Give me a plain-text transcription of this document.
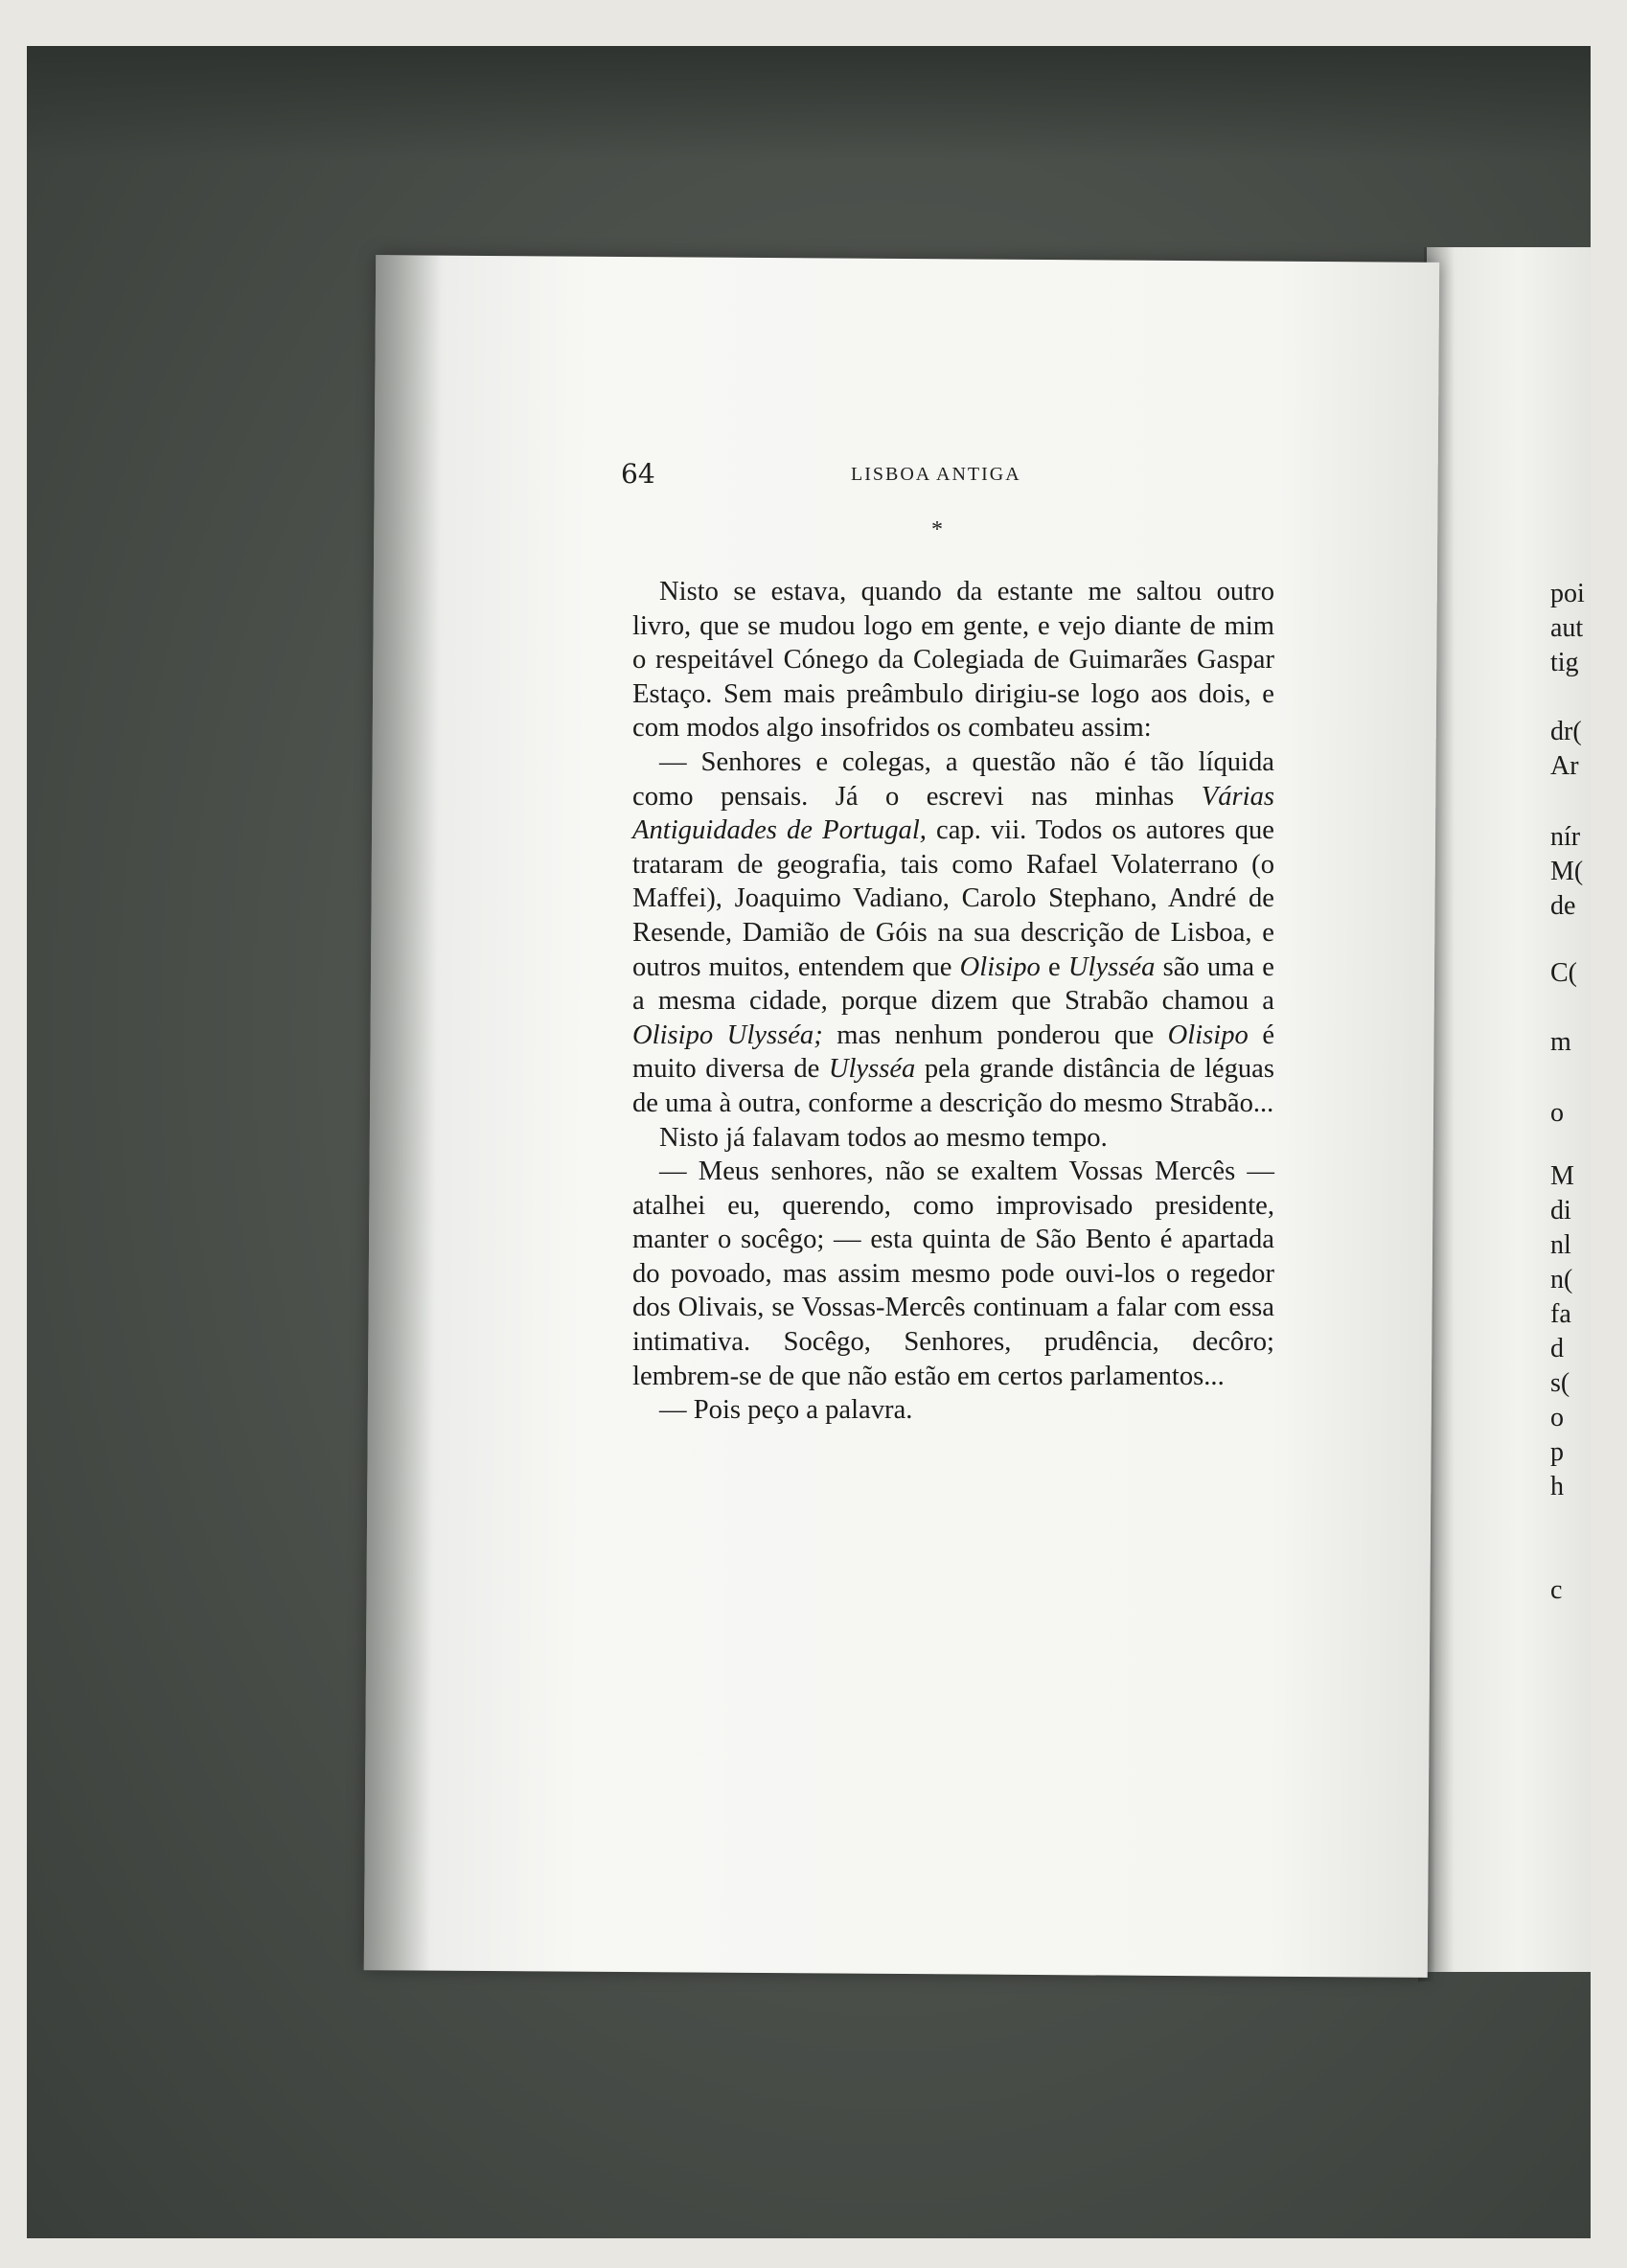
64	LISBOA ANTIGA
*

Nisto se estava, quando da estante me saltou outro livro, que se mudou logo em gente, e vejo diante de mim o respeitável Cónego da Colegiada de Guimarães Gaspar Estaço. Sem mais preâmbulo dirigiu-se logo aos dois, e com modos algo insofridos os combateu assim:

— Senhores e colegas, a questão não é tão líquida como pensais. Já o escrevi nas minhas Várias Antiguidades de Portugal, cap. vii. Todos os autores que trataram de geografia, tais como Rafael Volaterrano (o Maffei), Joaquimo Vadiano, Carolo Stephano, André de Resende, Damião de Góis na sua descrição de Lisboa, e outros muitos, entendem que Olisipo e Ulysséa são uma e a mesma cidade, porque dizem que Strabão chamou a Olisipo Ulysséa; mas nenhum ponderou que Olisipo é muito diversa de Ulysséa pela grande distância de léguas de uma à outra, conforme a descrição do mesmo Strabão...

Nisto já falavam todos ao mesmo tempo.

— Meus senhores, não se exaltem Vossas Mercês — atalhei eu, querendo, como improvisado presidente, manter o socêgo; — esta quinta de São Bento é apartada do povoado, mas assim mesmo pode ouvi-los o regedor dos Olivais, se Vossas-Mercês continuam a falar com essa intimativa. Socêgo, Senhores, prudência, decôro; lembrem-se de que não estão em certos parlamentos...

— Pois peço a palavra.

poi
aut
tig
dr(
Ar
nír
M(
de
C(
m
o
M
di
nl
n(
fa
d
s(
o
p
h
c
